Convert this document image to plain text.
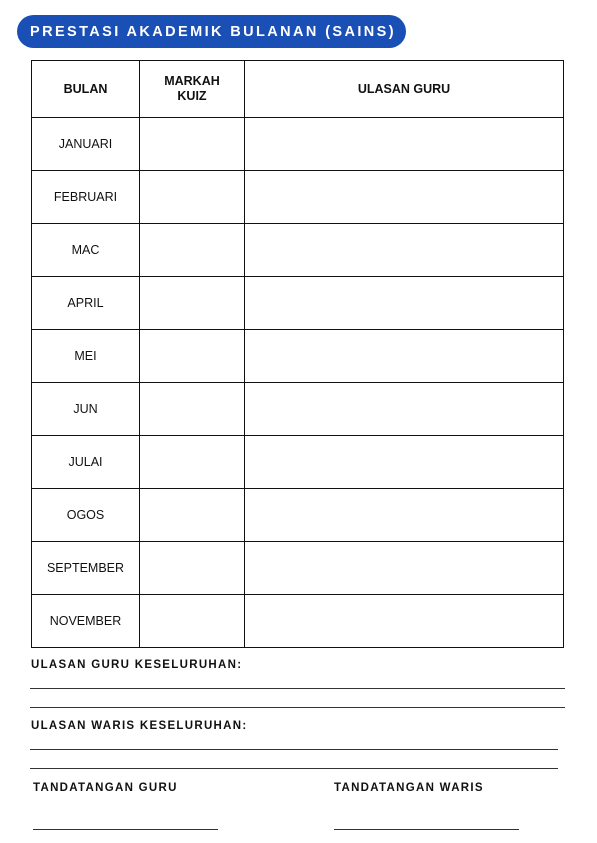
PRESTASI AKADEMIK BULANAN (SAINS)
BULAN	MARKAH KUIZ	ULASAN GURU
JANUARI		
FEBRUARI		
MAC		
APRIL		
MEI		
JUN		
JULAI		
OGOS		
SEPTEMBER		
NOVEMBER		
ULASAN GURU KESELURUHAN:
ULASAN WARIS KESELURUHAN:
TANDATANGAN GURU	TANDATANGAN WARIS
